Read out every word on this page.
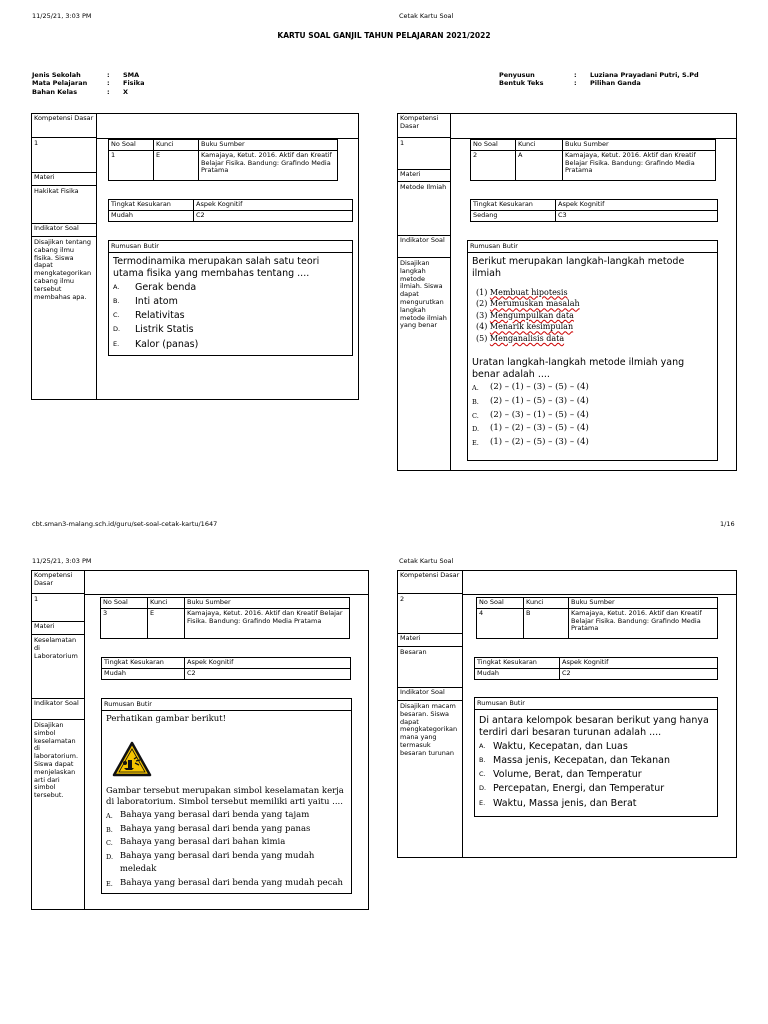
11/25/21, 3:03 PM	Cetak Kartu Soal
KARTU SOAL GANJIL TAHUN PELAJARAN 2021/2022
Jenis Sekolah	:	SMA
Mata Pelajaran	:	Fisika
Bahan Kelas	:	X
Penyusun	:	Luziana Prayadani Putri, S.Pd
Bentuk Teks	:	Pilihan Ganda
Kompetensi Dasar
1
Materi
Hakikat Fisika
Indikator Soal
Disajikan tentang cabang ilmu fisika. Siswa dapat mengkategorikan cabang ilmu tersebut membahas apa.
No Soal	Kunci	Buku Sumber
1	E	Kamajaya, Ketut. 2016. Aktif dan Kreatif Belajar Fisika. Bandung: Grafindo Media Pratama
Tingkat Kesukaran	Aspek Kognitif
Mudah	C2
Rumusan Butir
Termodinamika merupakan salah satu teori utama fisika yang membahas tentang ....
A.	Gerak benda
B.	Inti atom
C.	Relativitas
D.	Listrik Statis
E.	Kalor (panas)
Kompetensi Dasar
1
Materi
Metode Ilmiah
Indikator Soal
Disajikan langkah metode ilmiah. Siswa dapat mengurutkan langkah metode ilmiah yang benar
No Soal	Kunci	Buku Sumber
2	A	Kamajaya, Ketut. 2016. Aktif dan Kreatif Belajar Fisika. Bandung: Grafindo Media Pratama
Tingkat Kesukaran	Aspek Kognitif
Sedang	C3
Rumusan Butir
Berikut merupakan langkah-langkah metode ilmiah
(1) Membuat hipotesis
(2) Merumuskan masalah
(3) Mengumpulkan data
(4) Menarik kesimpulan
(5) Menganalisis data
Uratan langkah-langkah metode ilmiah yang benar adalah ....
A.	(2) – (1) – (3) – (5) – (4)
B.	(2) – (1) – (5) – (3) – (4)
C.	(2) – (3) – (1) – (5) – (4)
D.	(1) – (2) – (3) – (5) – (4)
E.	(1) – (2) – (5) – (3) – (4)
cbt.sman3-malang.sch.id/guru/set-soal-cetak-kartu/1647	1/16
11/25/21, 3:03 PM	Cetak Kartu Soal
Kompetensi Dasar
1
Materi
Keselamatan di Laboratorium
Indikator Soal
Disajikan simbol keselamatan di laboratorium. Siswa dapat menjelaskan arti dari simbol tersebut.
No Soal	Kunci	Buku Sumber
3	E	Kamajaya, Ketut. 2016. Aktif dan Kreatif Belajar Fisika. Bandung: Grafindo Media Pratama
Tingkat Kesukaran	Aspek Kognitif
Mudah	C2
Rumusan Butir
Perhatikan gambar berikut!
Gambar tersebut merupakan simbol keselamatan kerja di laboratorium. Simbol tersebut memiliki arti yaitu ....
A. Bahaya yang berasal dari benda yang tajam
B. Bahaya yang berasal dari benda yang panas
C. Bahaya yang berasal dari bahan kimia
D. Bahaya yang berasal dari benda yang mudah meledak
E. Bahaya yang berasal dari benda yang mudah pecah
Kompetensi Dasar
2
Materi
Besaran
Indikator Soal
Disajikan macam besaran. Siswa dapat mengkategorikan mana yang termasuk besaran turunan
No Soal	Kunci	Buku Sumber
4	B	Kamajaya, Ketut. 2016. Aktif dan Kreatif Belajar Fisika. Bandung: Grafindo Media Pratama
Tingkat Kesukaran	Aspek Kognitif
Mudah	C2
Rumusan Butir
Di antara kelompok besaran berikut yang hanya terdiri dari besaran turunan adalah ....
A. Waktu, Kecepatan, dan Luas
B. Massa jenis, Kecepatan, dan Tekanan
C. Volume, Berat, dan Temperatur
D. Percepatan, Energi, dan Temperatur
E. Waktu, Massa jenis, dan Berat
